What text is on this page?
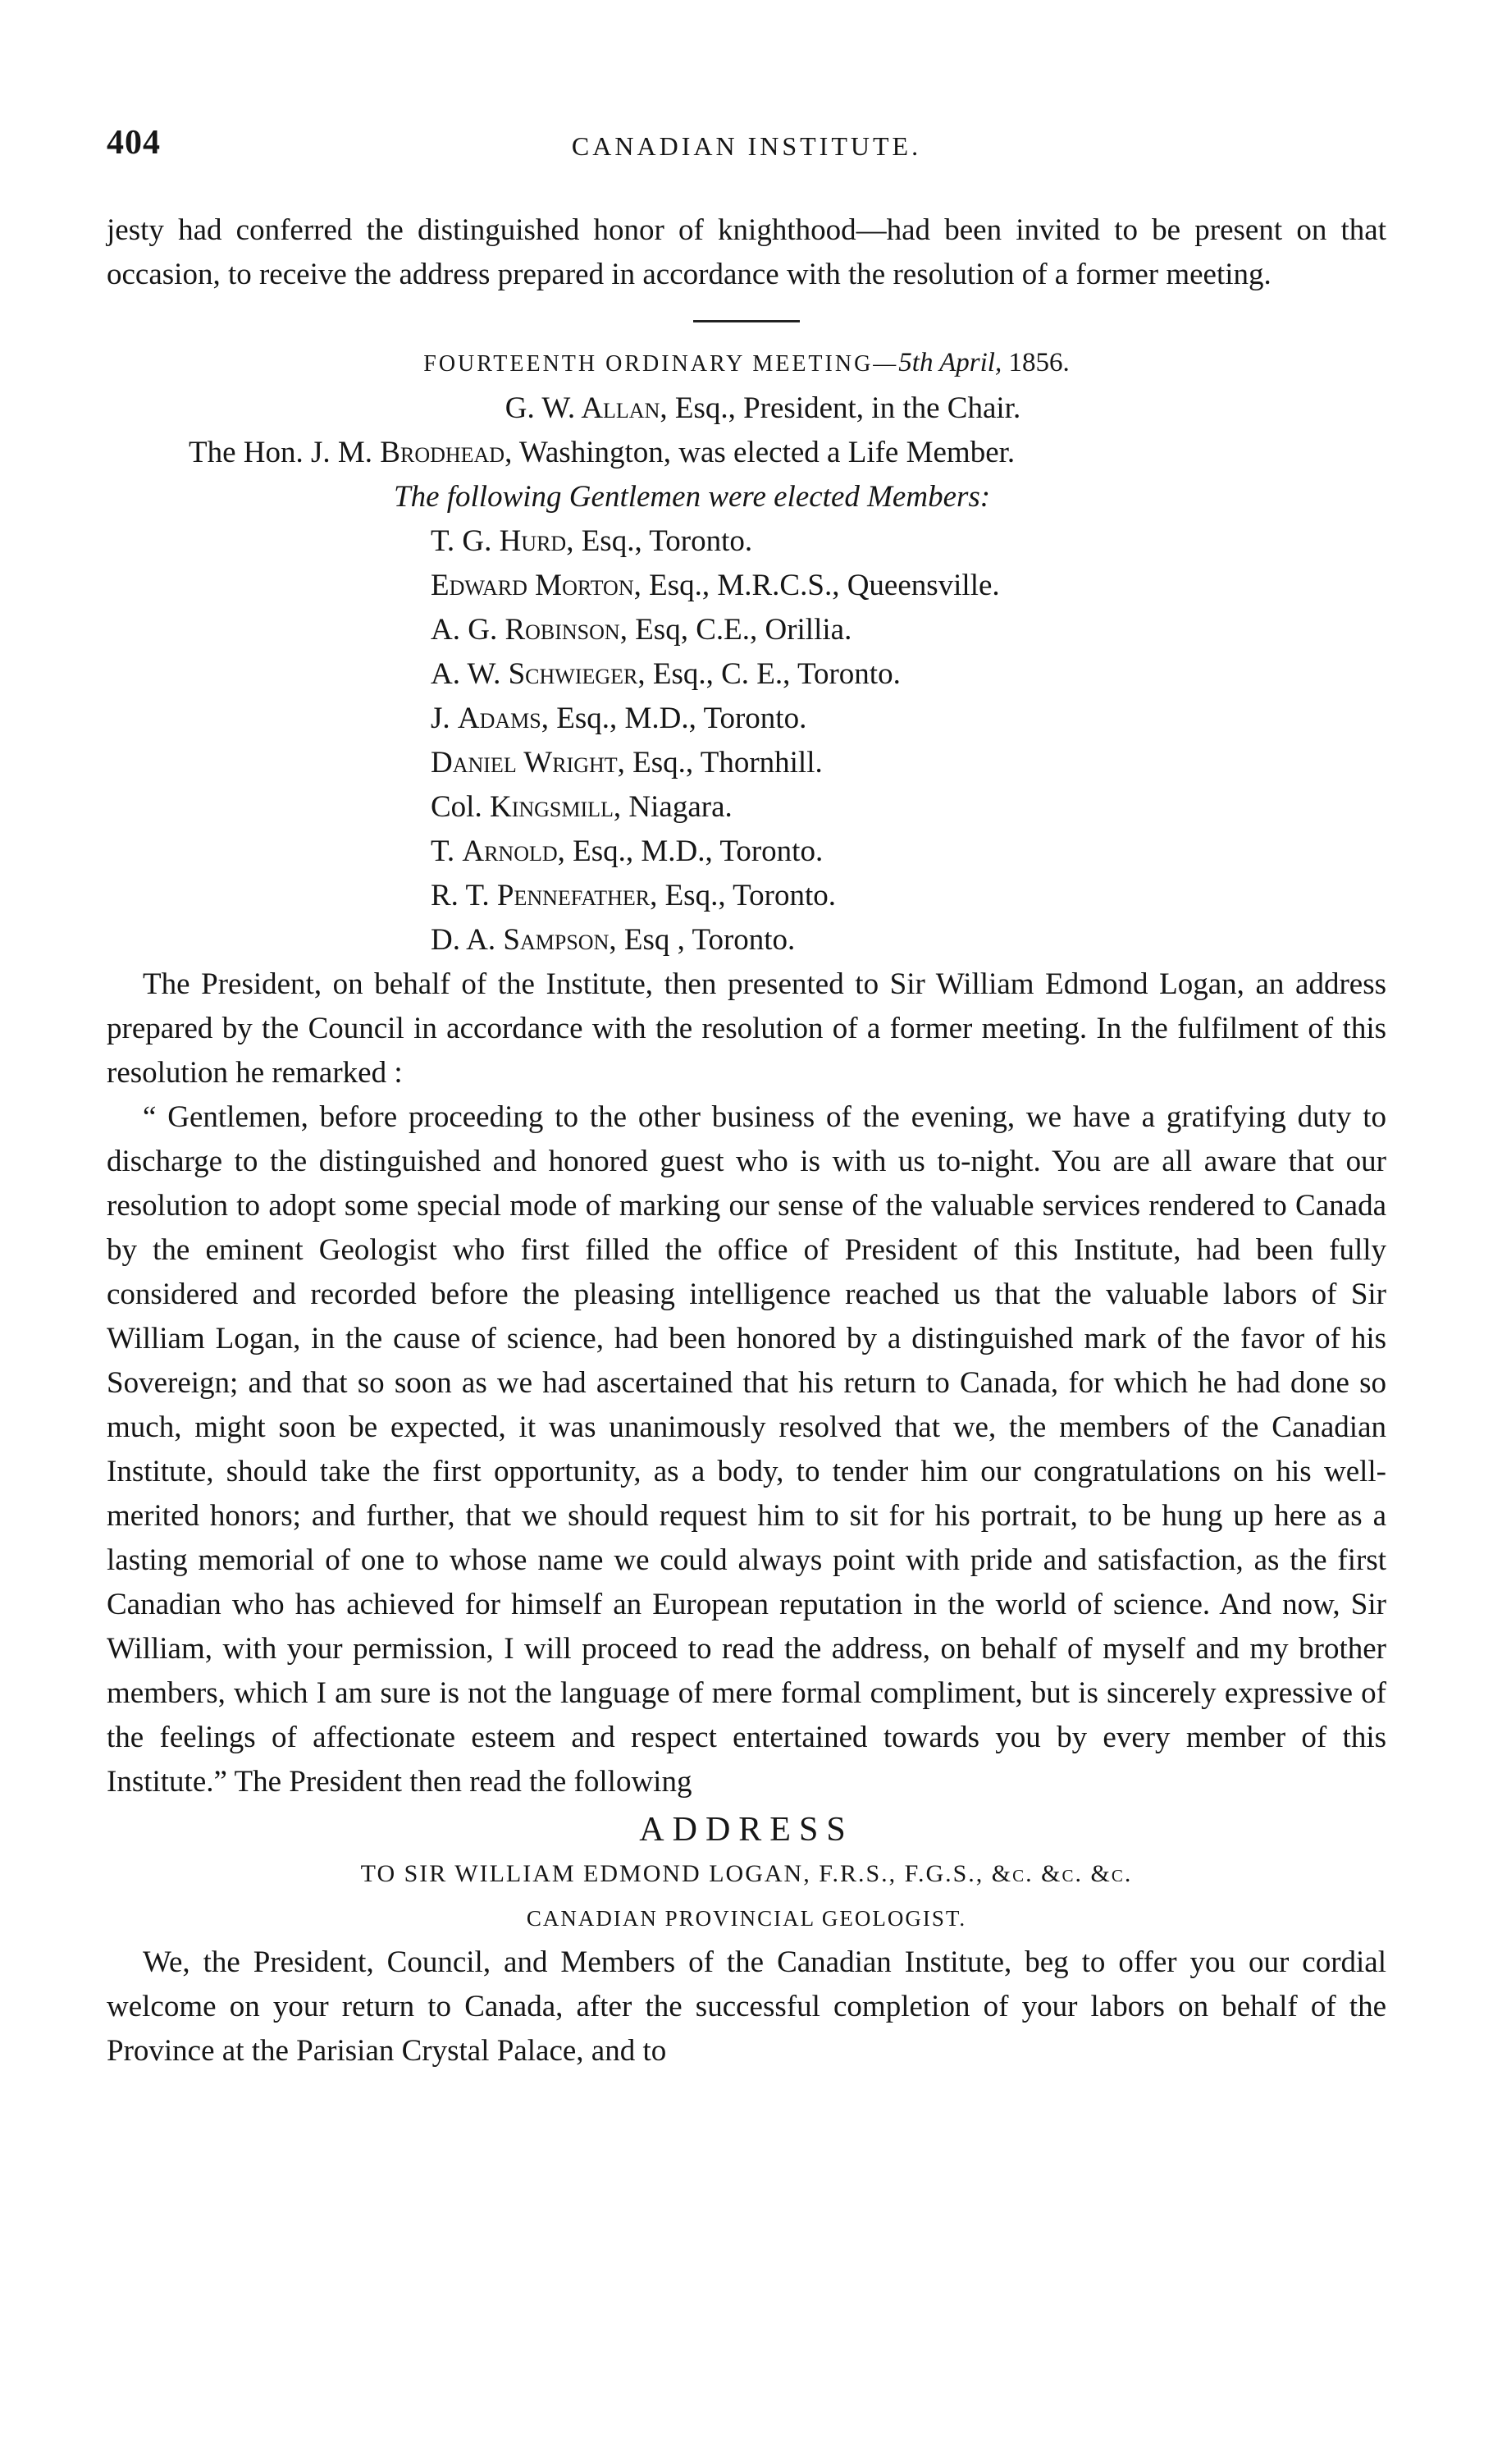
404	CANADIAN INSTITUTE.

jesty had conferred the distinguished honor of knighthood—had been invited to be present on that occasion, to receive the address prepared in accordance with the resolution of a former meeting.

FOURTEENTH ORDINARY MEETING—5th April, 1856.
G. W. Allan, Esq., President, in the Chair.
The Hon. J. M. Brodhead, Washington, was elected a Life Member.
The following Gentlemen were elected Members:
T. G. Hurd, Esq., Toronto.
Edward Morton, Esq., M.R.C.S., Queensville.
A. G. Robinson, Esq, C.E., Orillia.
A. W. Schwieger, Esq., C. E., Toronto.
J. Adams, Esq., M.D., Toronto.
Daniel Wright, Esq., Thornhill.
Col. Kingsmill, Niagara.
T. Arnold, Esq., M.D., Toronto.
R. T. Pennefather, Esq., Toronto.
D. A. Sampson, Esq , Toronto.

The President, on behalf of the Institute, then presented to Sir William Edmond Logan, an address prepared by the Council in accordance with the resolution of a former meeting. In the fulfilment of this resolution he remarked :

“ Gentlemen, before proceeding to the other business of the evening, we have a gratifying duty to discharge to the distinguished and honored guest who is with us to-night. You are all aware that our resolution to adopt some special mode of marking our sense of the valuable services rendered to Canada by the eminent Geologist who first filled the office of President of this Institute, had been fully considered and recorded before the pleasing intelligence reached us that the valuable labors of Sir William Logan, in the cause of science, had been honored by a distinguished mark of the favor of his Sovereign; and that so soon as we had ascertained that his return to Canada, for which he had done so much, might soon be expected, it was unanimously resolved that we, the members of the Canadian Institute, should take the first opportunity, as a body, to tender him our congratulations on his well-merited honors; and further, that we should request him to sit for his portrait, to be hung up here as a lasting memorial of one to whose name we could always point with pride and satisfaction, as the first Canadian who has achieved for himself an European reputation in the world of science. And now, Sir William, with your permission, I will proceed to read the address, on behalf of myself and my brother members, which I am sure is not the language of mere formal compliment, but is sincerely expressive of the feelings of affectionate esteem and respect entertained towards you by every member of this Institute.” The President then read the following

ADDRESS
TO SIR WILLIAM EDMOND LOGAN, F.R.S., F.G.S., &c. &c. &c.
CANADIAN PROVINCIAL GEOLOGIST.

We, the President, Council, and Members of the Canadian Institute, beg to offer you our cordial welcome on your return to Canada, after the successful completion of your labors on behalf of the Province at the Parisian Crystal Palace, and to
